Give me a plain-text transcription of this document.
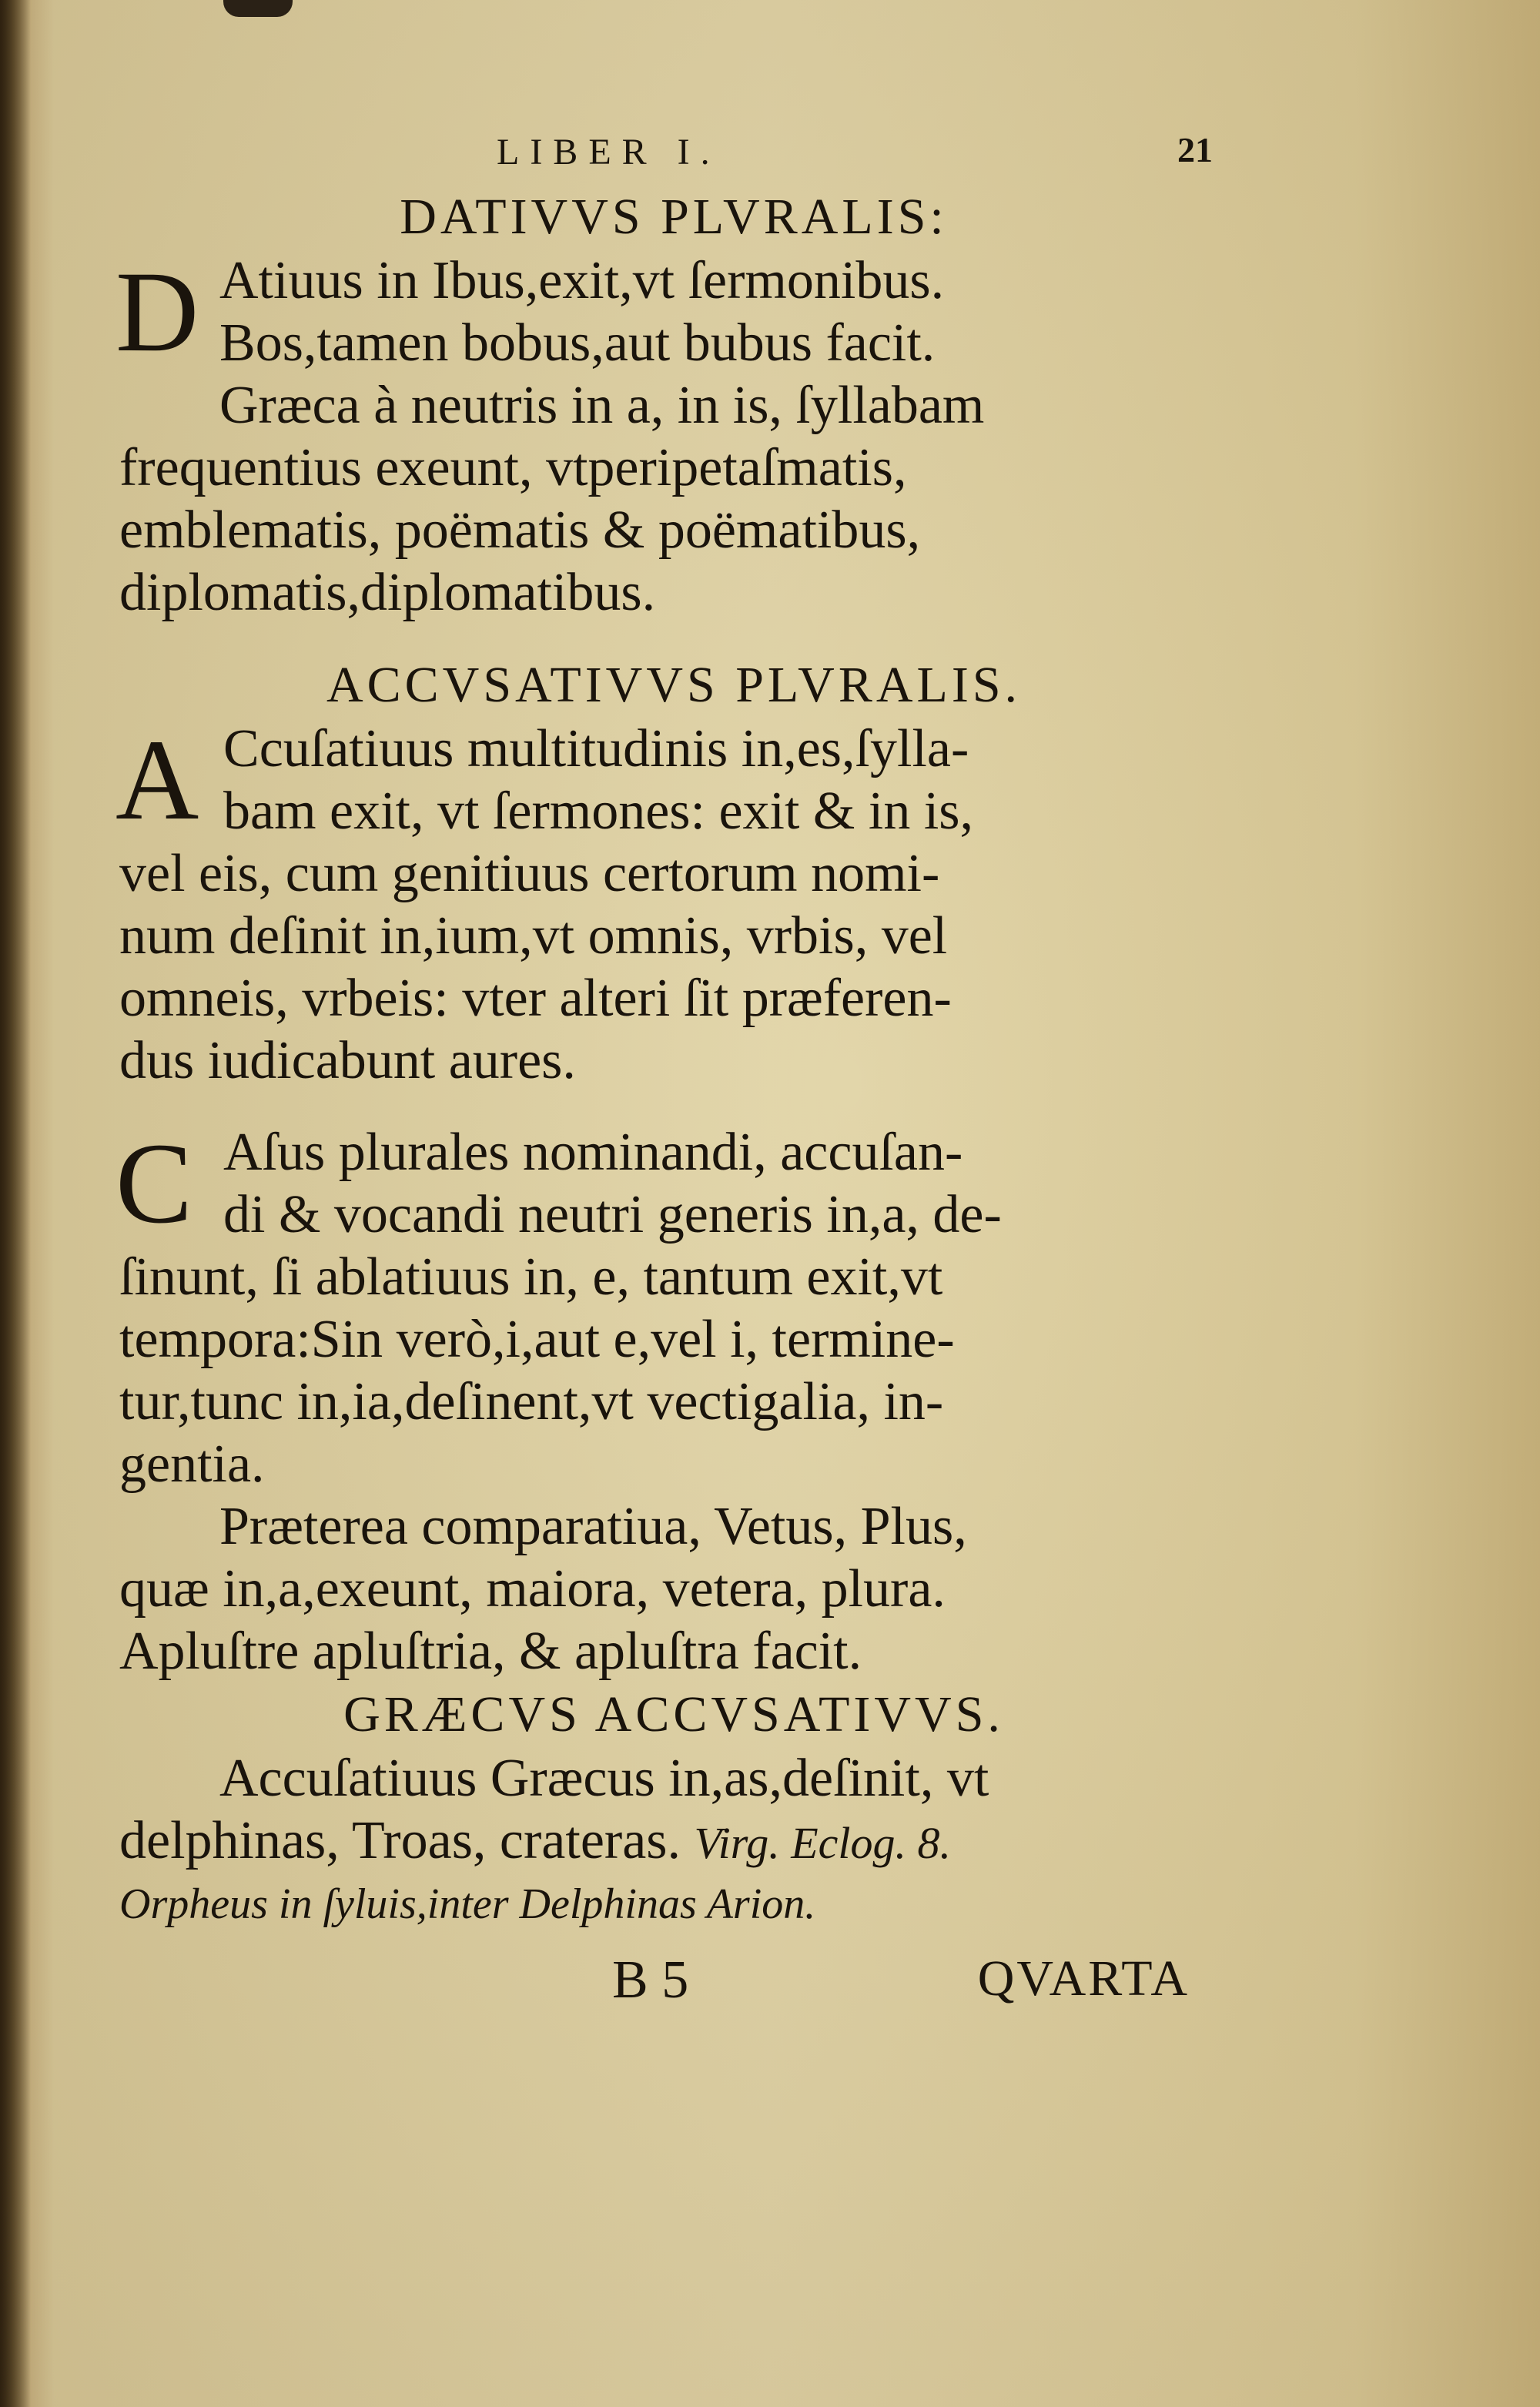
LIBER I.	21
DATIVVS PLVRALIS:
D Atiuus in Ibus,exit,vt ſermonibus.
Bos,tamen bobus,aut bubus facit.
Græca à neutris in a, in is, ſyllabam
frequentius exeunt, vtperipetaſmatis,
emblematis, poëmatis & poëmatibus,
diplomatis,diplomatibus.
ACCVSATIVVS PLVRALIS.
A Ccuſatiuus multitudinis in,es,ſylla-
bam exit, vt ſermones: exit & in is,
vel eis, cum genitiuus certorum nomi-
num deſinit in,ium,vt omnis, vrbis, vel
omneis, vrbeis: vter alteri ſit præferen-
dus iudicabunt aures.
C Aſus plurales nominandi, accuſan-
di & vocandi neutri generis in,a, de-
ſinunt, ſi ablatiuus in, e, tantum exit,vt
tempora:Sin verò,i,aut e,vel i, termine-
tur,tunc in,ia,deſinent,vt vectigalia, in-
gentia.
Præterea comparatiua, Vetus, Plus,
quæ in,a,exeunt, maiora, vetera, plura.
Apluſtre apluſtria, & apluſtra facit.
GRÆCVS ACCVSATIVVS.
Accuſatiuus Græcus in,as,deſinit, vt
delphinas, Troas, crateras. Virg. Eclog. 8.
Orpheus in ſyluis,inter Delphinas Arion.
B 5	QVARTA
